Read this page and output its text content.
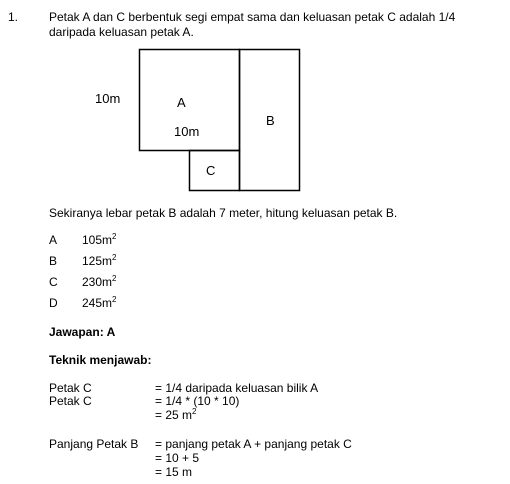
1.	Petak A dan C berbentuk segi empat sama dan keluasan petak C adalah 1/4
daripada keluasan petak A.
10m	A
10m
B
C
Sekiranya lebar petak B adalah 7 meter, hitung keluasan petak B.
A $105m^2$
B $125m^2$
C $230m^2$
D $245m^2$
Jawapan: A
Teknik menjawab:
Petak C
Petak C
= 1/4 daripada keluasan bilik A
= 1/4 * (10 * 10)
= 25 $m^2$
Panjang Petak B = panjang petak A + panjang petak C
= 10 + 5
= 15 m
